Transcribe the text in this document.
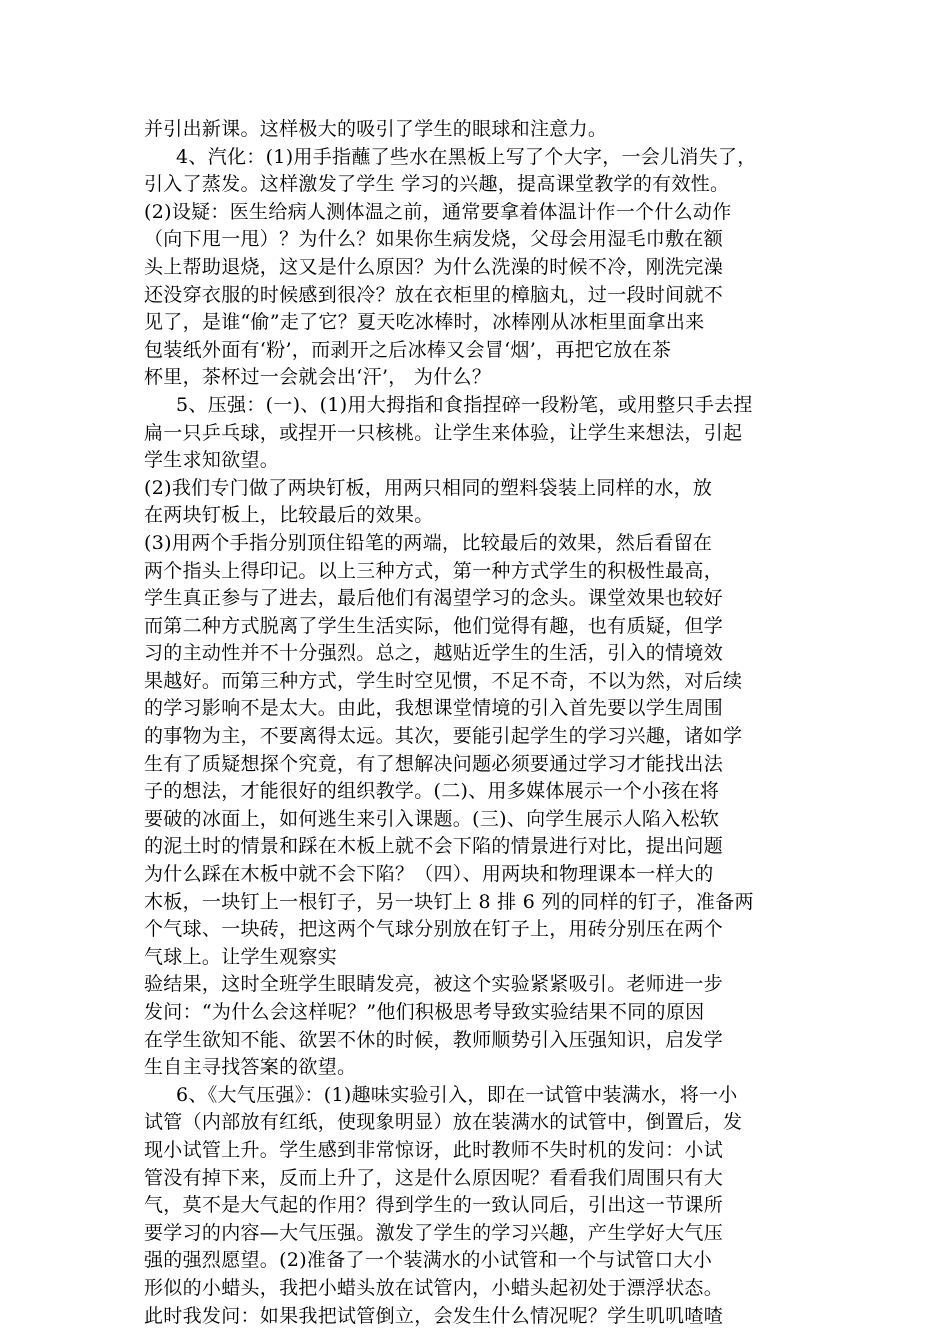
并引出新课。这样极大的吸引了学生的眼球和注意力。
4、汽化：(1)用手指蘸了些水在黑板上写了个大字，一会儿消失了，
引入了蒸发。这样激发了学生 学习的兴趣，提高课堂教学的有效性。
(2)设疑：医生给病人测体温之前，通常要拿着体温计作一个什么动作
（向下甩一甩）？为什么？如果你生病发烧，父母会用湿毛巾敷在额
头上帮助退烧，这又是什么原因？为什么洗澡的时候不冷，刚洗完澡
还没穿衣服的时候感到很冷？放在衣柜里的樟脑丸，过一段时间就不
见了，是谁“偷”走了它？夏天吃冰棒时，冰棒刚从冰柜里面拿出来
包装纸外面有‘粉’，而剥开之后冰棒又会冒‘烟’，再把它放在茶
杯里，茶杯过一会就会出‘汗’， 为什么？
5、压强：(一)、(1)用大拇指和食指捏碎一段粉笔，或用整只手去捏
扁一只乒乓球，或捏开一只核桃。让学生来体验，让学生来想法，引起
学生求知欲望。
(2)我们专门做了两块钉板，用两只相同的塑料袋装上同样的水，放
在两块钉板上，比较最后的效果。
(3)用两个手指分别顶住铅笔的两端，比较最后的效果，然后看留在
两个指头上得印记。以上三种方式，第一种方式学生的积极性最高，
学生真正参与了进去，最后他们有渴望学习的念头。课堂效果也较好
而第二种方式脱离了学生生活实际，他们觉得有趣，也有质疑，但学
习的主动性并不十分强烈。总之，越贴近学生的生活，引入的情境效
果越好。而第三种方式，学生时空见惯，不足不奇，不以为然，对后续
的学习影响不是太大。由此，我想课堂情境的引入首先要以学生周围
的事物为主，不要离得太远。其次，要能引起学生的学习兴趣，诸如学
生有了质疑想探个究竟，有了想解决问题必须要通过学习才能找出法
子的想法，才能很好的组织教学。(二)、用多媒体展示一个小孩在将
要破的冰面上，如何逃生来引入课题。(三)、向学生展示人陷入松软
的泥土时的情景和踩在木板上就不会下陷的情景进行对比，提出问题
为什么踩在木板中就不会下陷？（四）、用两块和物理课本一样大的
木板，一块钉上一根钉子，另一块钉上 8 排 6 列的同样的钉子，准备两
个气球、一块砖，把这两个气球分别放在钉子上，用砖分别压在两个
气球上。让学生观察实
验结果，这时全班学生眼睛发亮，被这个实验紧紧吸引。老师进一步
发问：“为什么会这样呢？”他们积极思考导致实验结果不同的原因
在学生欲知不能、欲罢不休的时候，教师顺势引入压强知识，启发学
生自主寻找答案的欲望。
6、《大气压强》：(1)趣味实验引入，即在一试管中装满水，将一小
试管（内部放有红纸，使现象明显）放在装满水的试管中，倒置后，发
现小试管上升。学生感到非常惊讶，此时教师不失时机的发问：小试
管没有掉下来，反而上升了，这是什么原因呢？看看我们周围只有大
气，莫不是大气起的作用？得到学生的一致认同后，引出这一节课所
要学习的内容—大气压强。激发了学生的学习兴趣，产生学好大气压
强的强烈愿望。(2)准备了一个装满水的小试管和一个与试管口大小
形似的小蜡头，我把小蜡头放在试管内，小蜡头起初处于漂浮状态。
此时我发问：如果我把试管倒立，会发生什么情况呢？学生叽叽喳喳
